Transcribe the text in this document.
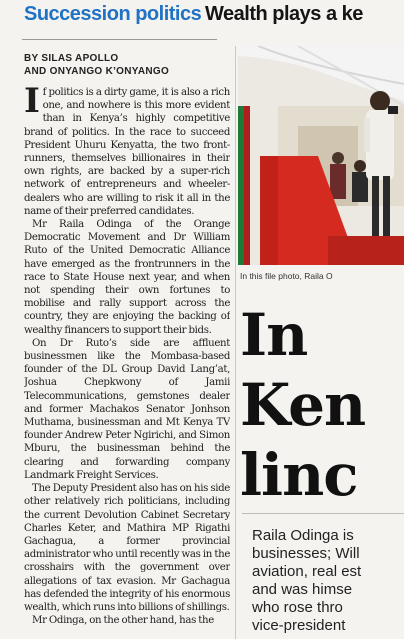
Succession politics Wealth plays a ke
BY SILAS APOLLO
AND ONYANGO K’ONYANGO

If politics is a dirty game, it is also a rich one, and nowhere is this more evident than in Kenya’s highly competitive brand of politics. In the race to succeed President Uhuru Kenyatta, the two front-runners, themselves billionaires in their own rights, are backed by a super-rich network of entrepreneurs and wheeler-dealers who are willing to risk it all in the name of their preferred candidates.

Mr Raila Odinga of the Orange Democratic Movement and Dr William Ruto of the United Democratic Alliance have emerged as the frontrunners in the race to State House next year, and when not spending their own fortunes to mobilise and rally support across the country, they are enjoying the backing of wealthy financers to support their bids.

On Dr Ruto’s side are affluent businessmen like the Mombasa-based founder of the DL Group David Lang’at, Joshua Chepkwony of Jamii Telecommunications, gemstones dealer and former Machakos Senator Jonhson Muthama, businessman and Mt Kenya TV founder Andrew Peter Ngirichi, and Simon Mburu, the businessman behind the clearing and forwarding company Landmark Freight Services.

The Deputy President also has on his side other relatively rich politicians, including the current Devolution Cabinet Secretary Charles Keter, and Mathira MP Rigathi Gachagua, a former provincial administrator who until recently was in the crosshairs with the government over allegations of tax evasion. Mr Gachagua has defended the integrity of his enormous wealth, which runs into billions of shillings.

Mr Odinga, on the other hand, has the

In this file photo, Raila O
In
Ken
linc
Raila Odinga is
businesses; Will
aviation, real est
and was himse
who rose thro
vice-president
